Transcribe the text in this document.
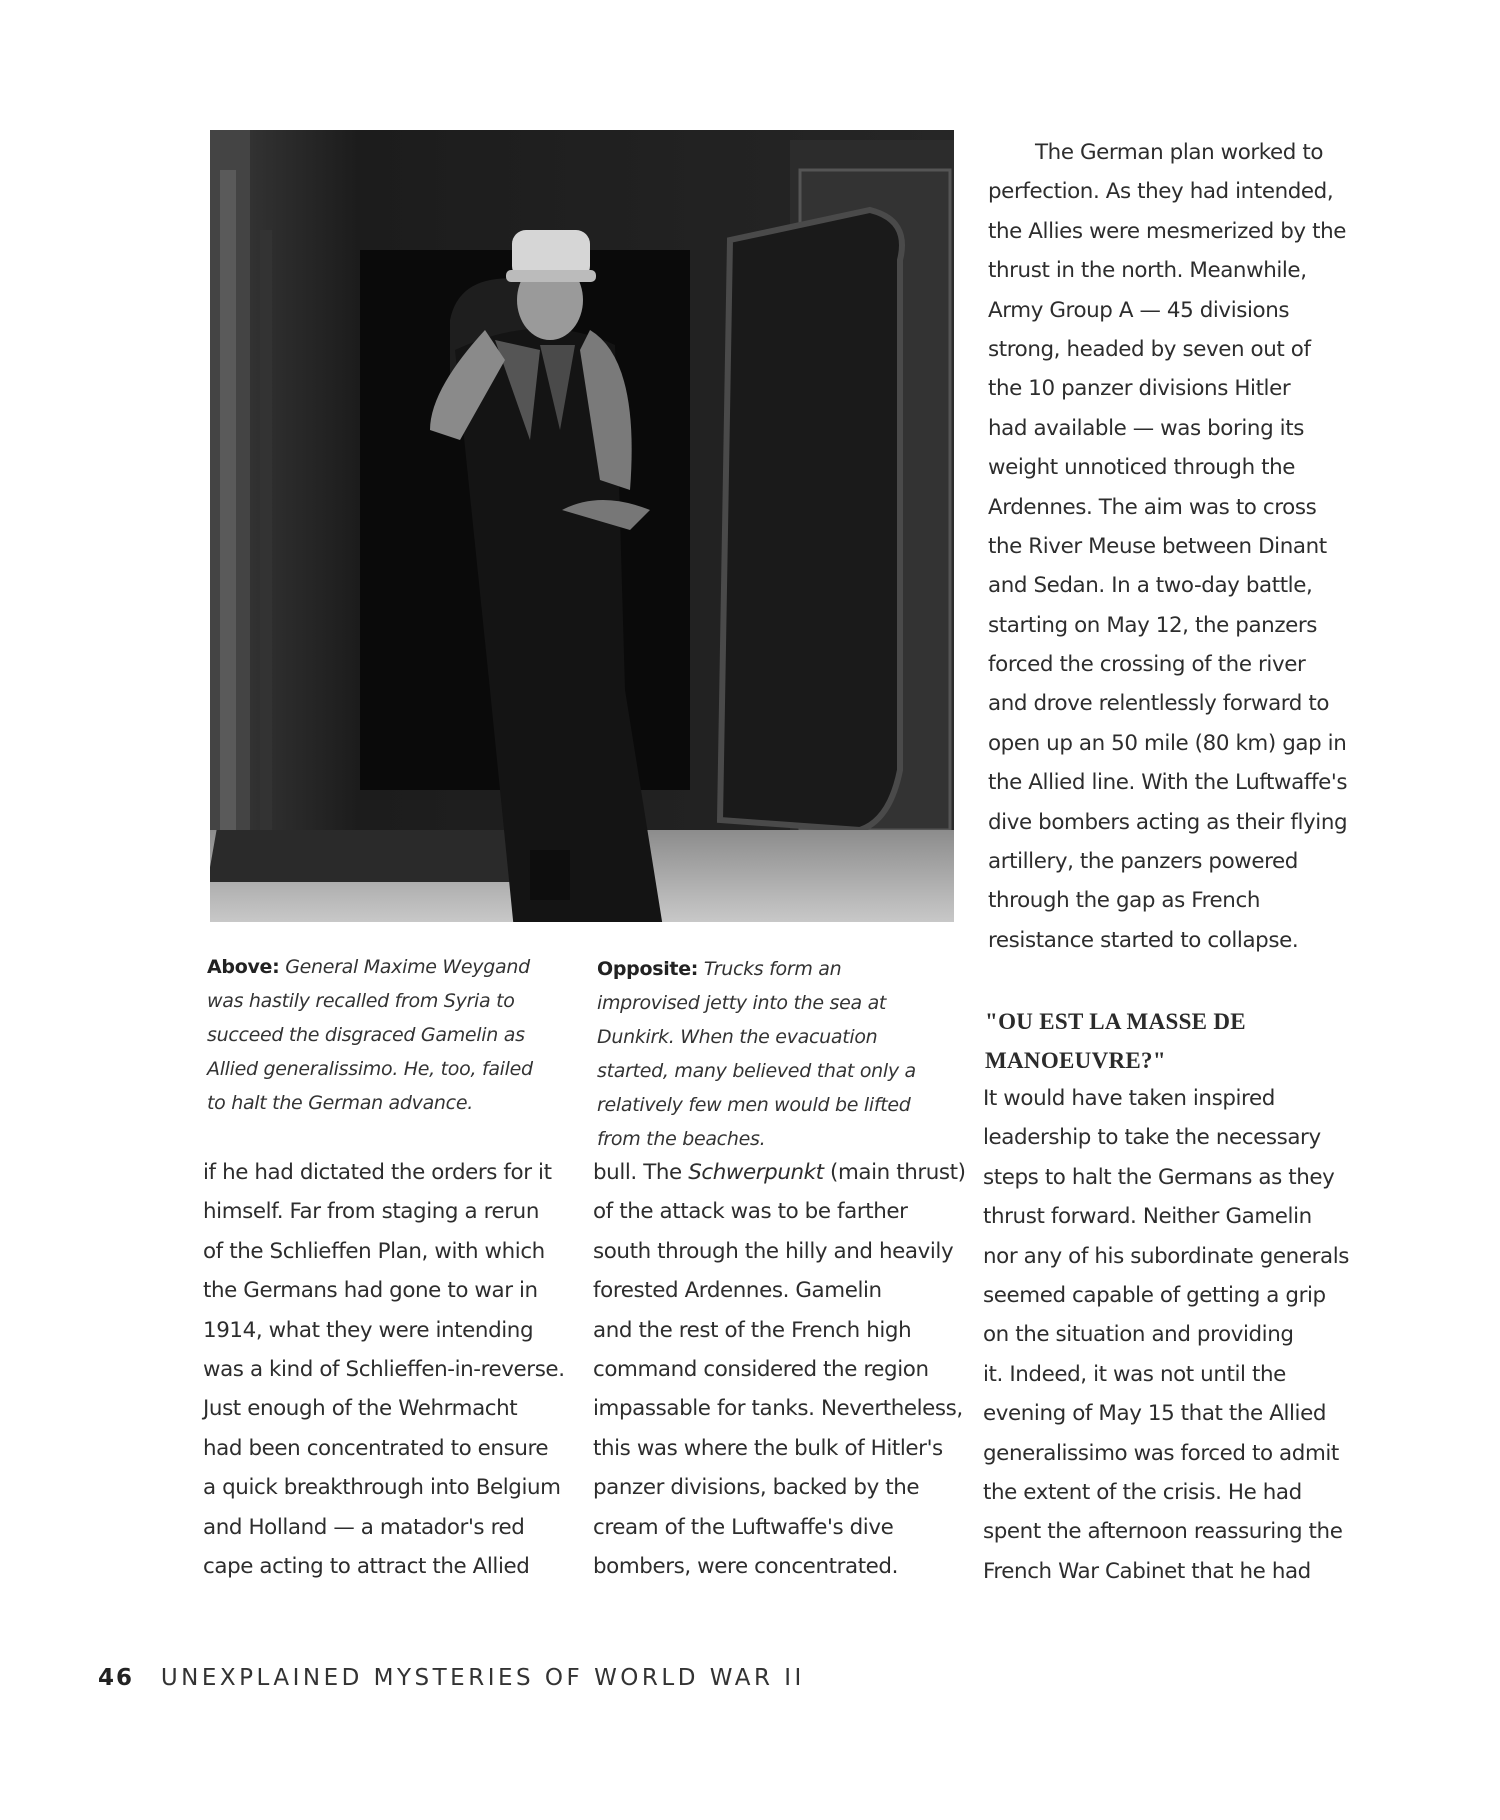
Above: General Maxime Weygand was hastily recalled from Syria to succeed the disgraced Gamelin as Allied generalissimo. He, too, failed to halt the German advance.
Opposite: Trucks form an improvised jetty into the sea at Dunkirk. When the evacuation started, many believed that only a relatively few men would be lifted from the beaches.
if he had dictated the orders for it
himself. Far from staging a rerun
of the Schlieffen Plan, with which
the Germans had gone to war in
1914, what they were intending
was a kind of Schlieffen-in-reverse.
Just enough of the Wehrmacht
had been concentrated to ensure
a quick breakthrough into Belgium
and Holland — a matador's red
cape acting to attract the Allied
bull. The Schwerpunkt (main thrust)
of the attack was to be farther
south through the hilly and heavily
forested Ardennes. Gamelin
and the rest of the French high
command considered the region
impassable for tanks. Nevertheless,
this was where the bulk of Hitler's
panzer divisions, backed by the
cream of the Luftwaffe's dive
bombers, were concentrated.
The German plan worked to
perfection. As they had intended,
the Allies were mesmerized by the
thrust in the north. Meanwhile,
Army Group A — 45 divisions
strong, headed by seven out of
the 10 panzer divisions Hitler
had available — was boring its
weight unnoticed through the
Ardennes. The aim was to cross
the River Meuse between Dinant
and Sedan. In a two-day battle,
starting on May 12, the panzers
forced the crossing of the river
and drove relentlessly forward to
open up an 50 mile (80 km) gap in
the Allied line. With the Luftwaffe's
dive bombers acting as their flying
artillery, the panzers powered
through the gap as French
resistance started to collapse.
"OU EST LA MASSE DE MANOEUVRE?"
It would have taken inspired
leadership to take the necessary
steps to halt the Germans as they
thrust forward. Neither Gamelin
nor any of his subordinate generals
seemed capable of getting a grip
on the situation and providing
it. Indeed, it was not until the
evening of May 15 that the Allied
generalissimo was forced to admit
the extent of the crisis. He had
spent the afternoon reassuring the
French War Cabinet that he had
46 UNEXPLAINED MYSTERIES OF WORLD WAR II
